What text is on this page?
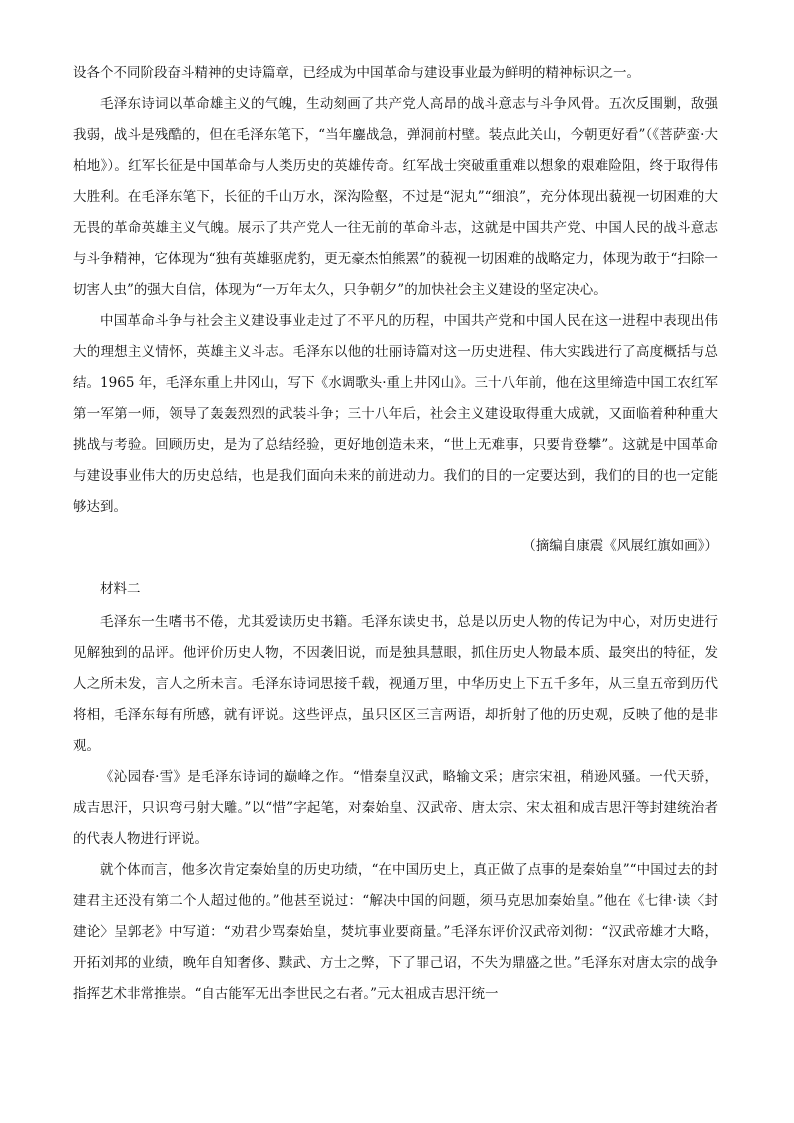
设各个不同阶段奋斗精神的史诗篇章，已经成为中国革命与建设事业最为鲜明的精神标识之一。

毛泽东诗词以革命雄主义的气魄，生动刻画了共产党人高昂的战斗意志与斗争风骨。五次反围剿，敌强我弱，战斗是残酷的，但在毛泽东笔下，“当年鏖战急，弹洞前村壁。装点此关山，今朝更好看”（《菩萨蛮·大柏地》）。红军长征是中国革命与人类历史的英雄传奇。红军战士突破重重难以想象的艰难险阻，终于取得伟大胜利。在毛泽东笔下，长征的千山万水，深沟险壑，不过是“泥丸”“细浪”，充分体现出藐视一切困难的大无畏的革命英雄主义气魄。展示了共产党人一往无前的革命斗志，这就是中国共产党、中国人民的战斗意志与斗争精神，它体现为“独有英雄驱虎豹，更无豪杰怕熊罴”的藐视一切困难的战略定力，体现为敢于“扫除一切害人虫”的强大自信，体现为“一万年太久，只争朝夕”的加快社会主义建设的坚定决心。

中国革命斗争与社会主义建设事业走过了不平凡的历程，中国共产党和中国人民在这一进程中表现出伟大的理想主义情怀，英雄主义斗志。毛泽东以他的壮丽诗篇对这一历史进程、伟大实践进行了高度概括与总结。1965 年，毛泽东重上井冈山，写下《水调歌头·重上井冈山》。三十八年前，他在这里缔造中国工农红军第一军第一师，领导了轰轰烈烈的武装斗争；三十八年后，社会主义建设取得重大成就，又面临着种种重大挑战与考验。回顾历史，是为了总结经验，更好地创造未来，“世上无难事，只要肯登攀”。这就是中国革命与建设事业伟大的历史总结，也是我们面向未来的前进动力。我们的目的一定要达到，我们的目的也一定能够达到。

（摘编自康震《风展红旗如画》）

材料二

毛泽东一生嗜书不倦，尤其爱读历史书籍。毛泽东读史书，总是以历史人物的传记为中心，对历史进行见解独到的品评。他评价历史人物，不因袭旧说，而是独具慧眼，抓住历史人物最本质、最突出的特征，发人之所未发，言人之所未言。毛泽东诗词思接千载，视通万里，中华历史上下五千多年，从三皇五帝到历代将相，毛泽东每有所感，就有评说。这些评点，虽只区区三言两语，却折射了他的历史观，反映了他的是非观。

《沁园春·雪》是毛泽东诗词的巅峰之作。“惜秦皇汉武，略输文采；唐宗宋祖，稍逊风骚。一代天骄，成吉思汗，只识弯弓射大雕。”以“惜”字起笔，对秦始皇、汉武帝、唐太宗、宋太祖和成吉思汗等封建统治者的代表人物进行评说。

就个体而言，他多次肯定秦始皇的历史功绩，“在中国历史上，真正做了点事的是秦始皇”“中国过去的封建君主还没有第二个人超过他的。”他甚至说过：“解决中国的问题，须马克思加秦始皇。”他在《七律·读〈封建论〉呈郭老》中写道：“劝君少骂秦始皇，焚坑事业要商量。”毛泽东评价汉武帝刘彻：“汉武帝雄才大略，开拓刘邦的业绩，晚年自知奢侈、黩武、方士之弊，下了罪己诏，不失为鼎盛之世。”毛泽东对唐太宗的战争指挥艺术非常推崇。“自古能军无出李世民之右者。”元太祖成吉思汗统一
